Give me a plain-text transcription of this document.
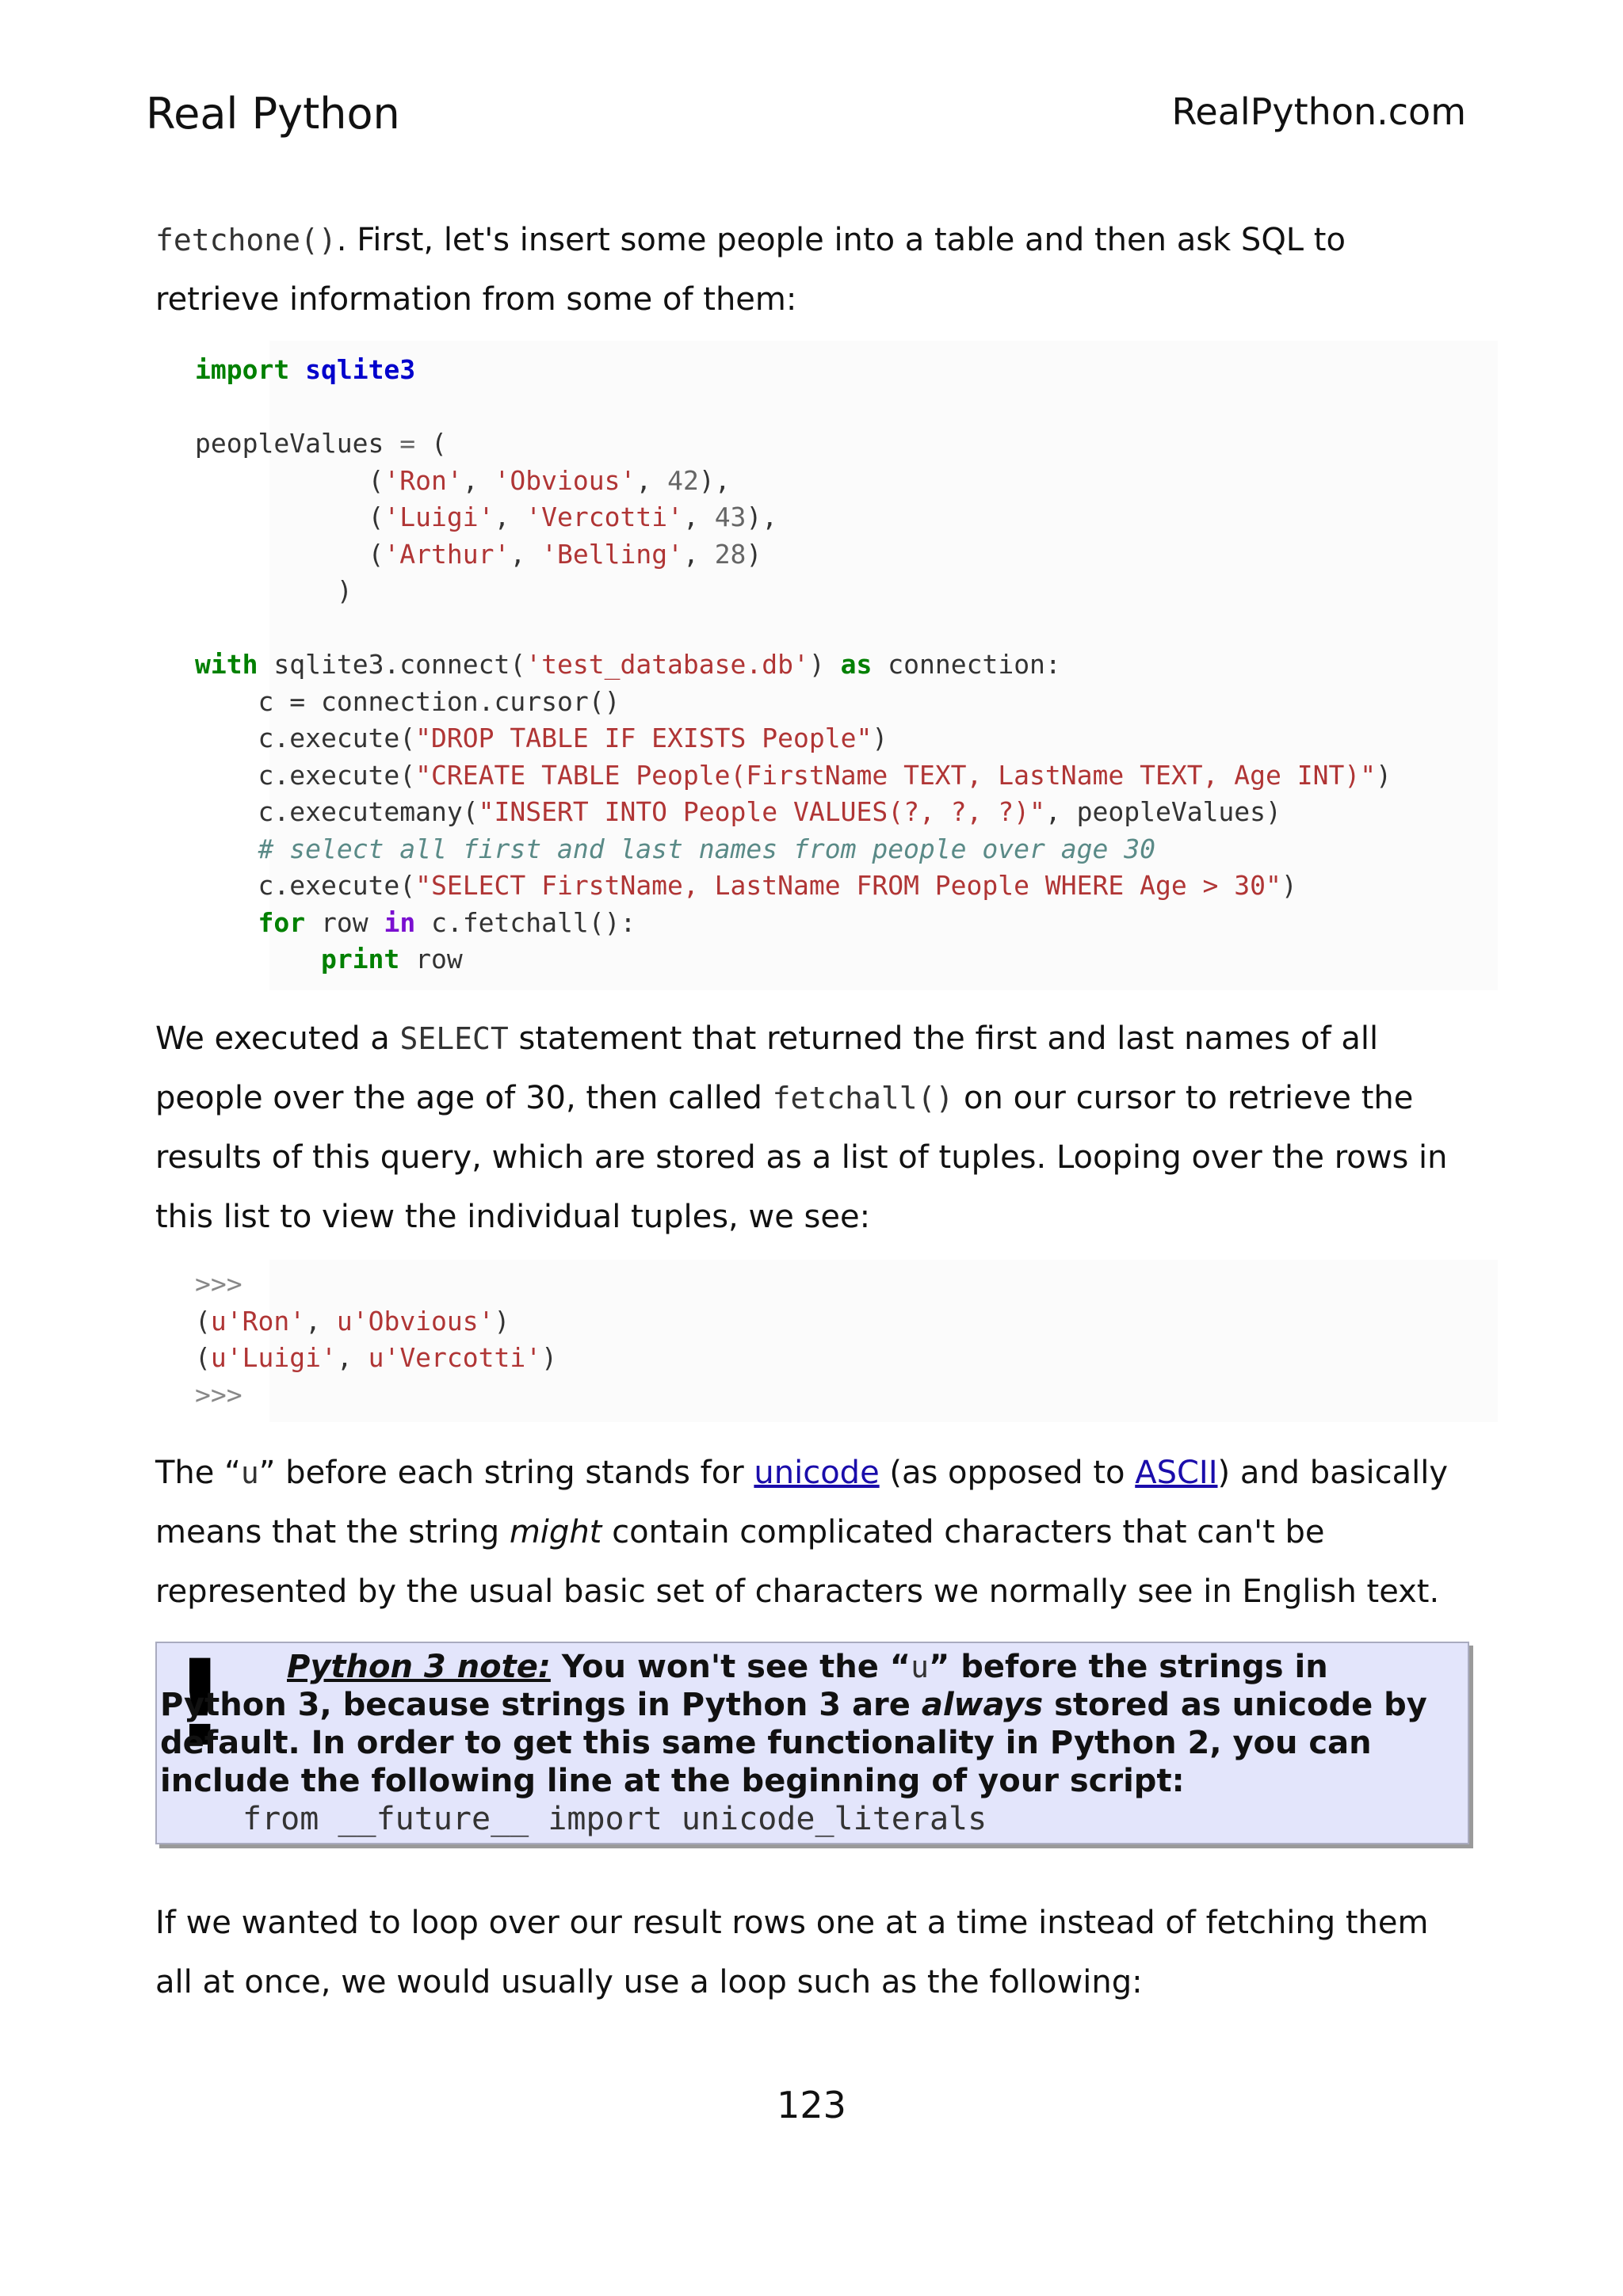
Real Python	RealPython.com
fetchone(). First, let's insert some people into a table and then ask SQL to retrieve information from some of them:
import sqlite3

peopleValues = (
('Ron', 'Obvious', 42),
('Luigi', 'Vercotti', 43),
('Arthur', 'Belling', 28)
)

with sqlite3.connect('test_database.db') as connection:
c = connection.cursor()
c.execute("DROP TABLE IF EXISTS People")
c.execute("CREATE TABLE People(FirstName TEXT, LastName TEXT, Age INT)")
c.executemany("INSERT INTO People VALUES(?, ?, ?)", peopleValues)
# select all first and last names from people over age 30
c.execute("SELECT FirstName, LastName FROM People WHERE Age > 30")
for row in c.fetchall():
print row
We executed a SELECT statement that returned the first and last names of all people over the age of 30, then called fetchall() on our cursor to retrieve the results of this query, which are stored as a list of tuples. Looping over the rows in this list to view the individual tuples, we see:
>>>
(u'Ron', u'Obvious')
(u'Luigi', u'Vercotti')
>>>
The “u” before each string stands for unicode (as opposed to ASCII) and basically means that the string might contain complicated characters that can't be represented by the usual basic set of characters we normally see in English text.
!	Python 3 note: You won't see the “u” before the strings in Python 3, because strings in Python 3 are always stored as unicode by default. In order to get this same functionality in Python 2, you can include the following line at the beginning of your script:
from __future__ import unicode_literals
If we wanted to loop over our result rows one at a time instead of fetching them all at once, we would usually use a loop such as the following:
123
